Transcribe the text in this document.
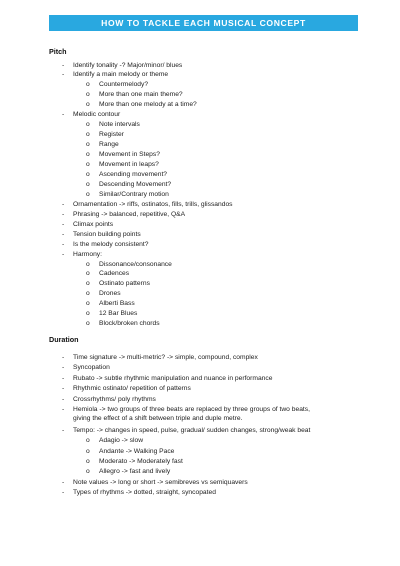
HOW TO TACKLE EACH MUSICAL CONCEPT
Pitch
-	Identify tonality -? Major/minor/ blues
-	Identify a main melody or theme
o	Countermelody?
o	More than one main theme?
o	More than one melody at a time?
-	Melodic contour
o	Note intervals
o	Register
o	Range
o	Movement in Steps?
o	Movement in leaps?
o	Ascending movement?
o	Descending Movement?
o	Similar/Contrary motion
-	Ornamentation -> riffs, ostinatos, fills, trills, glissandos
-	Phrasing -> balanced, repetitive, Q&A
-	Climax points
-	Tension building points
-	Is the melody consistent?
-	Harmony:
o	Dissonance/consonance
o	Cadences
o	Ostinato patterns
o	Drones
o	Alberti Bass
o	12 Bar Blues
o	Block/broken chords
Duration
-	Time signature -> multi-metric? -> simple, compound, complex
-	Syncopation
-	Rubato -> subtle rhythmic manipulation and nuance in performance
-	Rhythmic ostinato/ repetition of patterns
-	Crossrhythms/ poly rhythms
-	Hemiola -> two groups of three beats are replaced by three groups of two beats,
giving the effect of a shift between triple and duple metre.
-	Tempo: -> changes in speed, pulse, gradual/ sudden changes, strong/weak beat
o	Adagio -> slow
o	Andante -> Walking Pace
o	Moderato -> Moderately fast
o	Allegro -> fast and lively
-	Note values -> long or short -> semibreves vs semiquavers
-	Types of rhythms -> dotted, straight, syncopated
